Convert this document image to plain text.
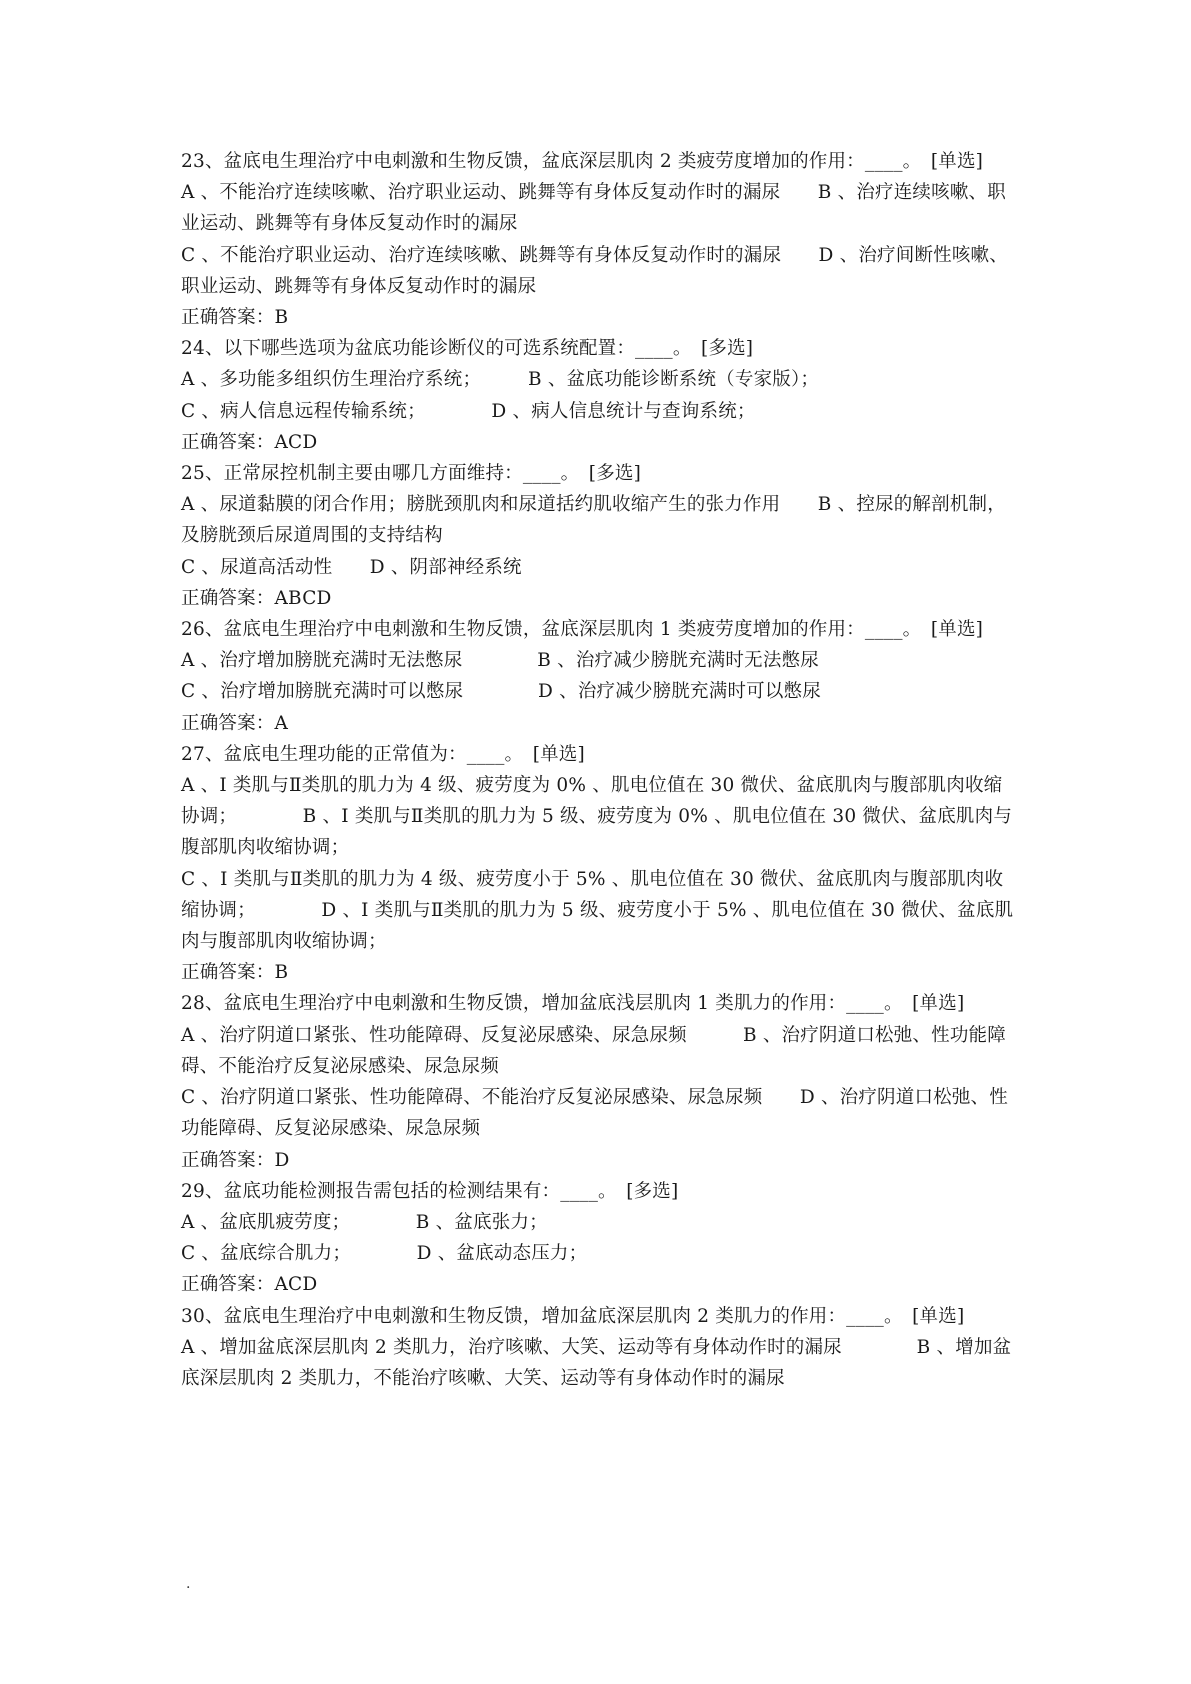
23、盆底电生理治疗中电刺激和生物反馈，盆底深层肌肉 2 类疲劳度增加的作用：____。　 [单选]

A 、不能治疗连续咳嗽、治疗职业运动、跳舞等有身体反复动作时的漏尿　　B 、治疗连续咳嗽、职业运动、跳舞等有身体反复动作时的漏尿

C 、不能治疗职业运动、治疗连续咳嗽、跳舞等有身体反复动作时的漏尿　　D 、治疗间断性咳嗽、职业运动、跳舞等有身体反复动作时的漏尿

正确答案：B

24、以下哪些选项为盆底功能诊断仪的可选系统配置：____。　[多选]

A 、多功能多组织仿生理治疗系统；　　　B 、盆底功能诊断系统（专家版）；

C 、病人信息远程传输系统；　　　　D 、病人信息统计与查询系统；

正确答案：ACD

25、正常尿控机制主要由哪几方面维持：____。　[多选]

A 、尿道黏膜的闭合作用；膀胱颈肌肉和尿道括约肌收缩产生的张力作用　　B 、控尿的解剖机制，及膀胱颈后尿道周围的支持结构

C 、尿道高活动性　　D 、阴部神经系统

正确答案：ABCD

26、盆底电生理治疗中电刺激和生物反馈，盆底深层肌肉 1 类疲劳度增加的作用：____。　 [单选]

A 、治疗增加膀胱充满时无法憋尿　　　　B 、治疗减少膀胱充满时无法憋尿

C 、治疗增加膀胱充满时可以憋尿　　　　D 、治疗减少膀胱充满时可以憋尿

正确答案：A

27、盆底电生理功能的正常值为：____。　[单选]

A 、I 类肌与Ⅱ类肌的肌力为 4 级、疲劳度为 0% 、肌电位值在 30 微伏、盆底肌肉与腹部肌肉收缩协调；　　　　B 、I 类肌与Ⅱ类肌的肌力为 5 级、疲劳度为 0% 、肌电位值在 30 微伏、盆底肌肉与腹部肌肉收缩协调；

C 、I 类肌与Ⅱ类肌的肌力为 4 级、疲劳度小于 5% 、肌电位值在 30 微伏、盆底肌肉与腹部肌肉收缩协调；　　　　D 、I 类肌与Ⅱ类肌的肌力为 5 级、疲劳度小于 5% 、肌电位值在 30 微伏、盆底肌肉与腹部肌肉收缩协调；

正确答案：B

28、盆底电生理治疗中电刺激和生物反馈，增加盆底浅层肌肉 1 类肌力的作用：____。　 [单选]

A 、治疗阴道口紧张、性功能障碍、反复泌尿感染、尿急尿频　　　B 、治疗阴道口松弛、性功能障碍、不能治疗反复泌尿感染、尿急尿频

C 、治疗阴道口紧张、性功能障碍、不能治疗反复泌尿感染、尿急尿频　　D 、治疗阴道口松弛、性功能障碍、反复泌尿感染、尿急尿频

正确答案：D

29、盆底功能检测报告需包括的检测结果有：____。　[多选]

A 、盆底肌疲劳度；　　　　B 、盆底张力；

C 、盆底综合肌力；　　　　D 、盆底动态压力；

正确答案：ACD

30、盆底电生理治疗中电刺激和生物反馈，增加盆底深层肌肉 2 类肌力的作用：____。　 [单选]

A 、增加盆底深层肌肉 2 类肌力，治疗咳嗽、大笑、运动等有身体动作时的漏尿　　　　B 、增加盆底深层肌肉 2 类肌力，不能治疗咳嗽、大笑、运动等有身体动作时的漏尿

.
